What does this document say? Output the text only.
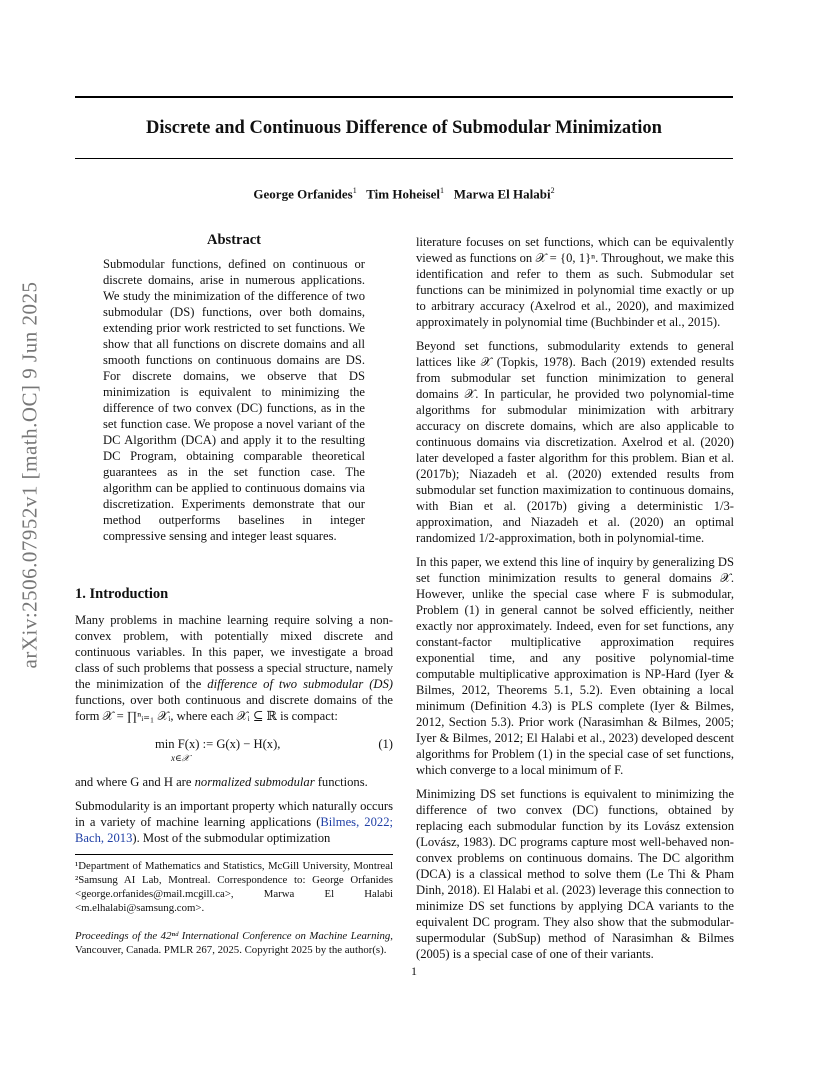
Discrete and Continuous Difference of Submodular Minimization
George Orfanides$^1$ Tim Hoheisel$^1$ Marwa El Halabi$^2$
arXiv:2506.07952v1 [math.OC] 9 Jun 2025
Abstract
Submodular functions, defined on continuous or discrete domains, arise in numerous applications. We study the minimization of the difference of two submodular (DS) functions, over both domains, extending prior work restricted to set functions. We show that all functions on discrete domains and all smooth functions on continuous domains are DS. For discrete domains, we observe that DS minimization is equivalent to minimizing the difference of two convex (DC) functions, as in the set function case. We propose a novel variant of the DC Algorithm (DCA) and apply it to the resulting DC Program, obtaining comparable theoretical guarantees as in the set function case. The algorithm can be applied to continuous domains via discretization. Experiments demonstrate that our method outperforms baselines in integer compressive sensing and integer least squares.
1. Introduction

Many problems in machine learning require solving a non-convex problem, with potentially mixed discrete and continuous variables. In this paper, we investigate a broad class of such problems that possess a special structure, namely the minimization of the difference of two submodular (DS) functions, over both continuous and discrete domains of the form 𝒳 = ∏ⁿᵢ₌₁ 𝒳ᵢ, where each 𝒳ᵢ ⊆ ℝ is compact:

min F(x) := G(x) − H(x),
x∈𝒳
(1)

and where G and H are normalized submodular functions.

Submodularity is an important property which naturally occurs in a variety of machine learning applications (Bilmes, 2022; Bach, 2013). Most of the submodular optimization

¹Department of Mathematics and Statistics, McGill University, Montreal ²Samsung AI Lab, Montreal. Correspondence to: George Orfanides <george.orfanides@mail.mcgill.ca>, Marwa El Halabi <m.elhalabi@samsung.com>.
Proceedings of the 42ⁿᵈ International Conference on Machine Learning, Vancouver, Canada. PMLR 267, 2025. Copyright 2025 by the author(s).

literature focuses on set functions, which can be equivalently viewed as functions on 𝒳 = {0, 1}ⁿ. Throughout, we make this identification and refer to them as such. Submodular set functions can be minimized in polynomial time exactly or up to arbitrary accuracy (Axelrod et al., 2020), and maximized approximately in polynomial time (Buchbinder et al., 2015).

Beyond set functions, submodularity extends to general lattices like 𝒳 (Topkis, 1978). Bach (2019) extended results from submodular set function minimization to general domains 𝒳. In particular, he provided two polynomial-time algorithms for submodular minimization with arbitrary accuracy on discrete domains, which are also applicable to continuous domains via discretization. Axelrod et al. (2020) later developed a faster algorithm for this problem. Bian et al. (2017b); Niazadeh et al. (2020) extended results from submodular set function maximization to continuous domains, with Bian et al. (2017b) giving a deterministic 1/3-approximation, and Niazadeh et al. (2020) an optimal randomized 1/2-approximation, both in polynomial-time.

In this paper, we extend this line of inquiry by generalizing DS set function minimization results to general domains 𝒳. However, unlike the special case where F is submodular, Problem (1) in general cannot be solved efficiently, neither exactly nor approximately. Indeed, even for set functions, any constant-factor multiplicative approximation requires exponential time, and any positive polynomial-time computable multiplicative approximation is NP-Hard (Iyer & Bilmes, 2012, Theorems 5.1, 5.2). Even obtaining a local minimum (Definition 4.3) is PLS complete (Iyer & Bilmes, 2012, Section 5.3). Prior work (Narasimhan & Bilmes, 2005; Iyer & Bilmes, 2012; El Halabi et al., 2023) developed descent algorithms for Problem (1) in the special case of set functions, which converge to a local minimum of F.

Minimizing DS set functions is equivalent to minimizing the difference of two convex (DC) functions, obtained by replacing each submodular function by its Lovász extension (Lovász, 1983). DC programs capture most well-behaved non-convex problems on continuous domains. The DC algorithm (DCA) is a classical method to solve them (Le Thi & Pham Dinh, 2018). El Halabi et al. (2023) leverage this connection to minimize DS set functions by applying DCA variants to the equivalent DC program. They also show that the submodular-supermodular (SubSup) method of Narasimhan & Bilmes (2005) is a special case of one of their variants.

1
